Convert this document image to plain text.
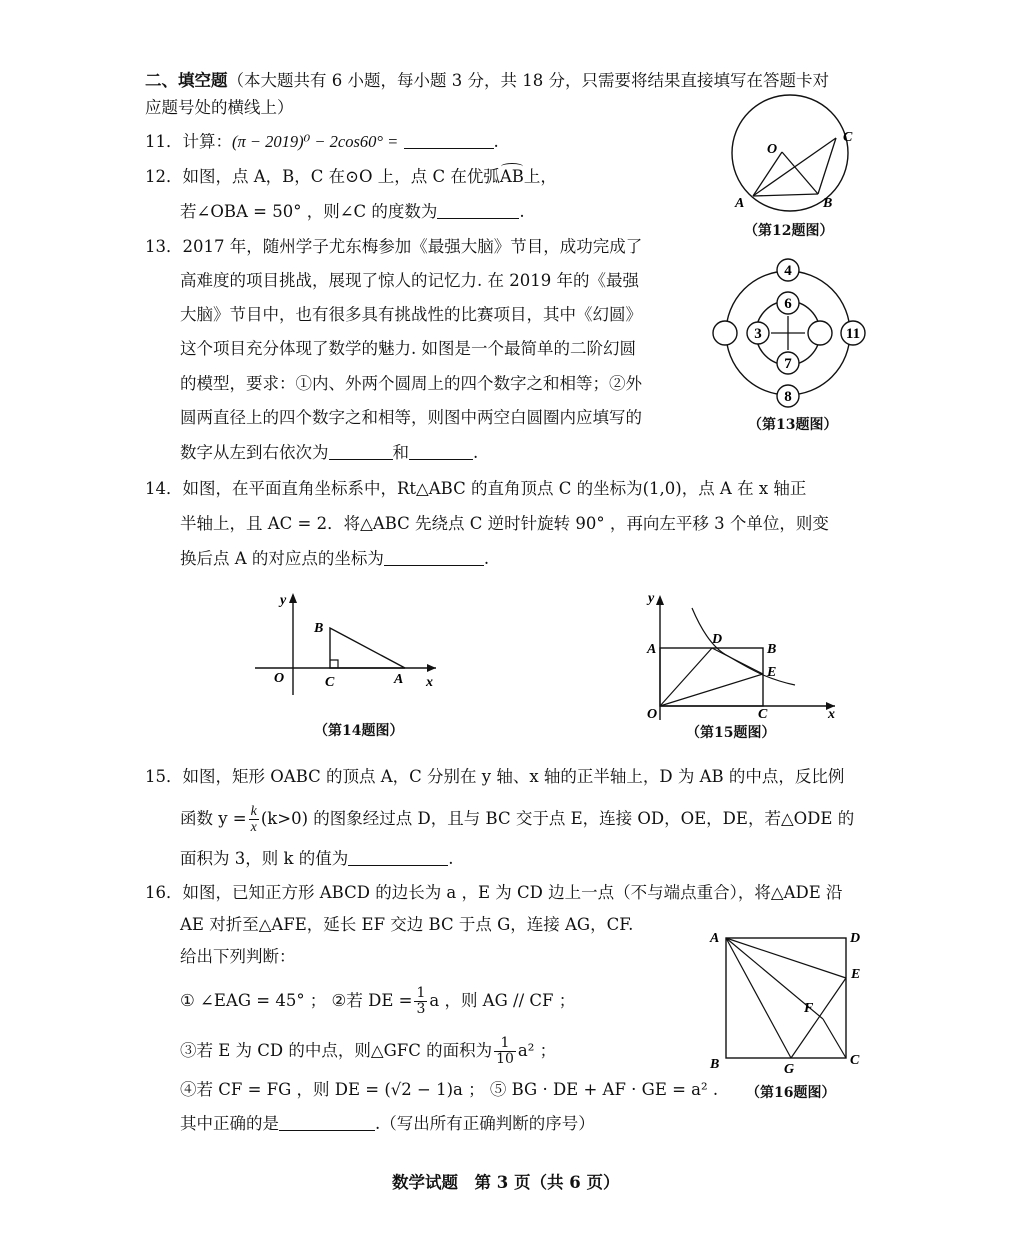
二、填空题（本大题共有 6 小题，每小题 3 分，共 18 分，只需要将结果直接填写在答题卡对
应题号处的横线上）
11．计算：(π − 2019)⁰ − 2cos60° =	.
12．如图，点 A，B，C 在⊙O 上，点 C 在优弧AB上，
若∠OBA = 50° ，则∠C 的度数为	.
13．2017 年，随州学子尤东梅参加《最强大脑》节目，成功完成了
高难度的项目挑战，展现了惊人的记忆力. 在 2019 年的《最强
大脑》节目中，也有很多具有挑战性的比赛项目，其中《幻圆》
这个项目充分体现了数学的魅力. 如图是一个最简单的二阶幻圆
的模型，要求：①内、外两个圆周上的四个数字之和相等；②外
圆两直径上的四个数字之和相等，则图中两空白圆圈内应填写的
数字从左到右依次为	和	.
14．如图，在平面直角坐标系中，Rt△ABC 的直角顶点 C 的坐标为(1,0)，点 A 在 x 轴正
半轴上，且 AC = 2．将△ABC 先绕点 C 逆时针旋转 90° ，再向左平移 3 个单位，则变
换后点 A 的对应点的坐标为	.
y
B
O	C	A x
（第14题图）
y
A
D
B
E
O	C	x
（第15题图）
15．如图，矩形 OABC 的顶点 A，C 分别在 y 轴、x 轴的正半轴上，D 为 AB 的中点，反比例
函数 $y = \frac{k}{x} (k>0)$ 的图象经过点 D，且与 BC 交于点 E，连接 OD，OE，DE，若△ODE 的
面积为 3，则 k 的值为	.
16．如图，已知正方形 ABCD 的边长为 a ，E 为 CD 边上一点（不与端点重合），将△ADE 沿
AE 对折至△AFE，延长 EF 交边 BC 于点 G，连接 AG，CF.
给出下列判断：
① ∠EAG = 45° ； ②若 DE = $\frac{1}{3}$ a ，则 AG // CF ；
③若 E 为 CD 的中点，则△GFC 的面积为 $\frac{1}{10} a^2$ ；
④若 CF = FG ，则 DE = (√2 − 1)a ； ⑤ BG · DE + AF · GE = a² .
其中正确的是	.（写出所有正确判断的序号）
O
C
A	B
（第12题图）
4
6
3
7
8
11
（第13题图）
A	D
E
F
B	G
C
（第16题图）
数学试题　第 3 页（共 6 页）
